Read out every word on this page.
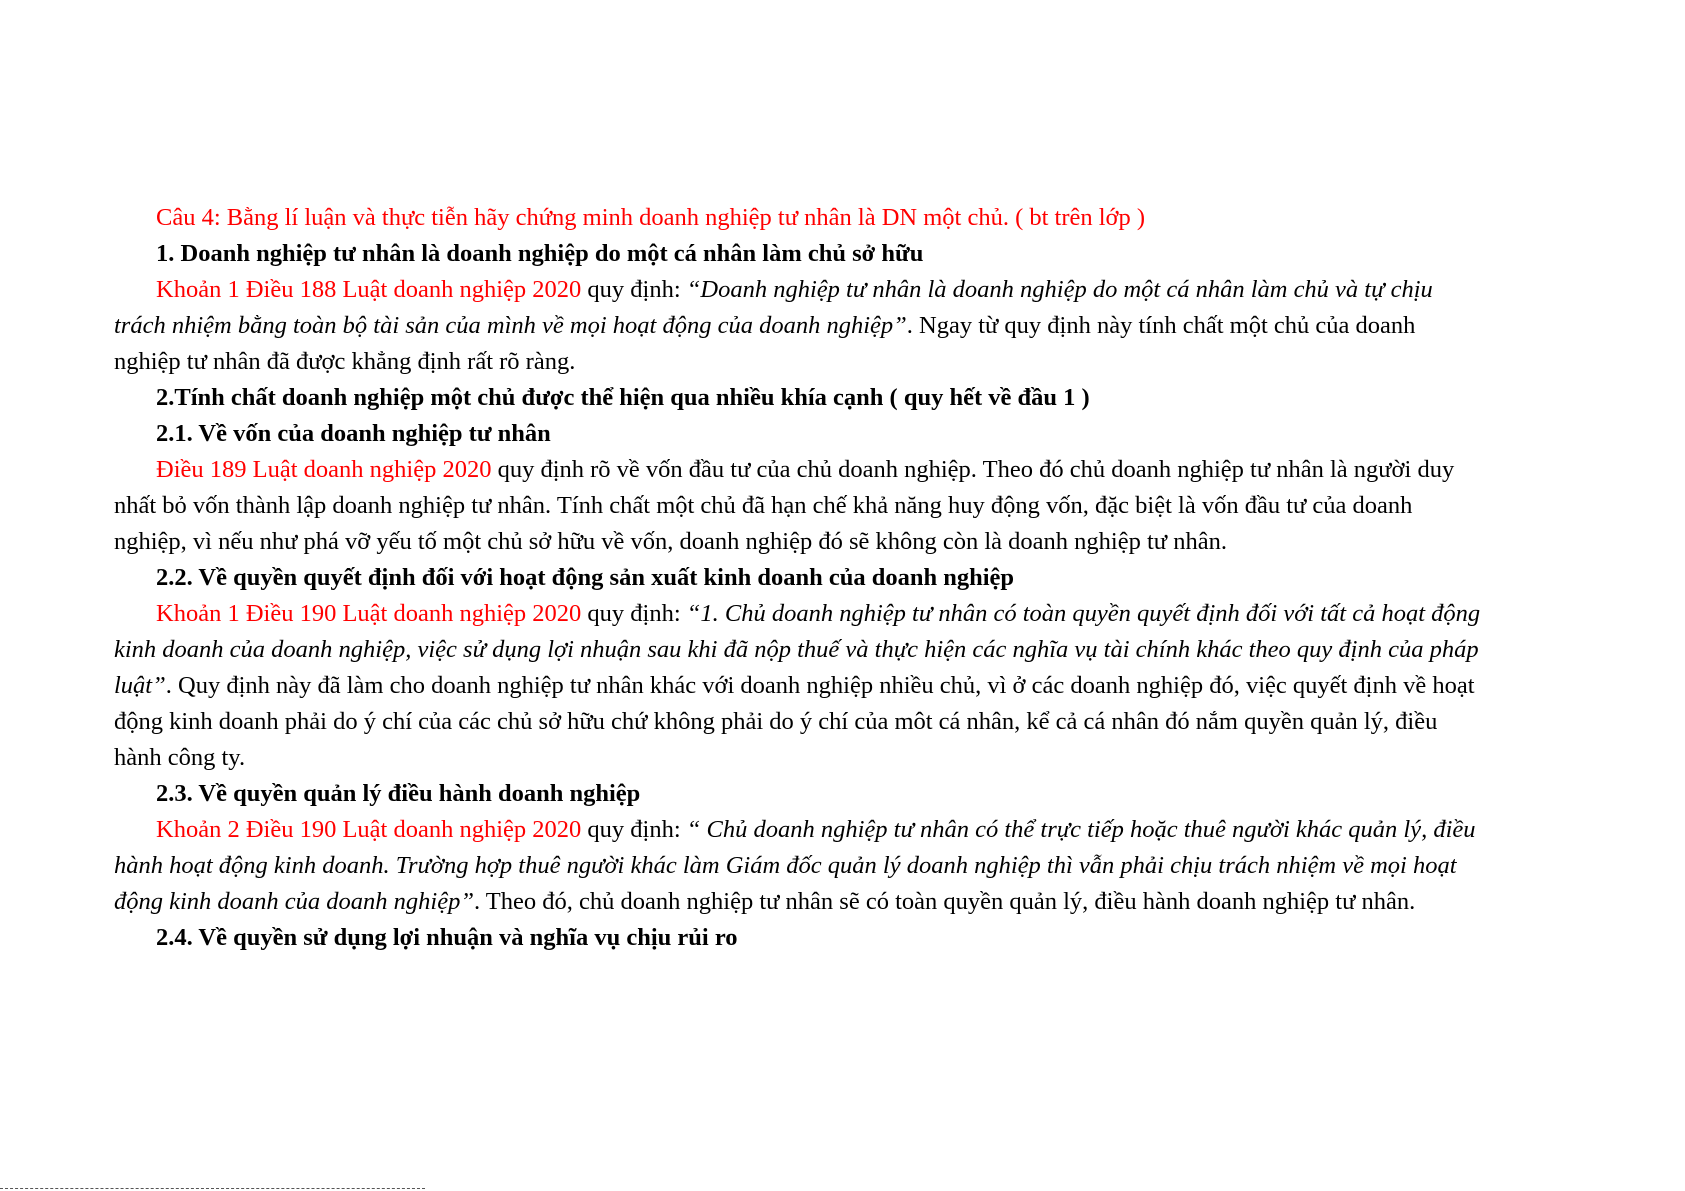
Câu 4: Bằng lí luận và thực tiễn hãy chứng minh doanh nghiệp tư nhân là DN một chủ. ( bt trên lớp )
1. Doanh nghiệp tư nhân là doanh nghiệp do một cá nhân làm chủ sở hữu
Khoản 1 Điều 188 Luật doanh nghiệp 2020 quy định: “Doanh nghiệp tư nhân là doanh nghiệp do một cá nhân làm chủ và tự chịu
trách nhiệm bằng toàn bộ tài sản của mình về mọi hoạt động của doanh nghiệp”. Ngay từ quy định này tính chất một chủ của doanh
nghiệp tư nhân đã được khẳng định rất rõ ràng.
2.Tính chất doanh nghiệp một chủ được thể hiện qua nhiều khía cạnh ( quy hết về đầu 1 )
2.1. Về vốn của doanh nghiệp tư nhân
Điều 189 Luật doanh nghiệp 2020 quy định rõ về vốn đầu tư của chủ doanh nghiệp. Theo đó chủ doanh nghiệp tư nhân là người duy
nhất bỏ vốn thành lập doanh nghiệp tư nhân. Tính chất một chủ đã hạn chế khả năng huy động vốn, đặc biệt là vốn đầu tư của doanh
nghiệp, vì nếu như phá vỡ yếu tố một chủ sở hữu về vốn, doanh nghiệp đó sẽ không còn là doanh nghiệp tư nhân.
2.2. Về quyền quyết định đối với hoạt động sản xuất kinh doanh của doanh nghiệp
Khoản 1 Điều 190 Luật doanh nghiệp 2020 quy định: “1. Chủ doanh nghiệp tư nhân có toàn quyền quyết định đối với tất cả hoạt động
kinh doanh của doanh nghiệp, việc sử dụng lợi nhuận sau khi đã nộp thuế và thực hiện các nghĩa vụ tài chính khác theo quy định của pháp
luật”. Quy định này đã làm cho doanh nghiệp tư nhân khác với doanh nghiệp nhiều chủ, vì ở các doanh nghiệp đó, việc quyết định về hoạt
động kinh doanh phải do ý chí của các chủ sở hữu chứ không phải do ý chí của môt cá nhân, kể cả cá nhân đó nắm quyền quản lý, điều
hành công ty.
2.3. Về quyền quản lý điều hành doanh nghiệp
Khoản 2 Điều 190 Luật doanh nghiệp 2020 quy định: “ Chủ doanh nghiệp tư nhân có thể trực tiếp hoặc thuê người khác quản lý, điều
hành hoạt động kinh doanh. Trường hợp thuê người khác làm Giám đốc quản lý doanh nghiệp thì vẫn phải chịu trách nhiệm về mọi hoạt
động kinh doanh của doanh nghiệp”. Theo đó, chủ doanh nghiệp tư nhân sẽ có toàn quyền quản lý, điều hành doanh nghiệp tư nhân.
2.4. Về quyền sử dụng lợi nhuận và nghĩa vụ chịu rủi ro
